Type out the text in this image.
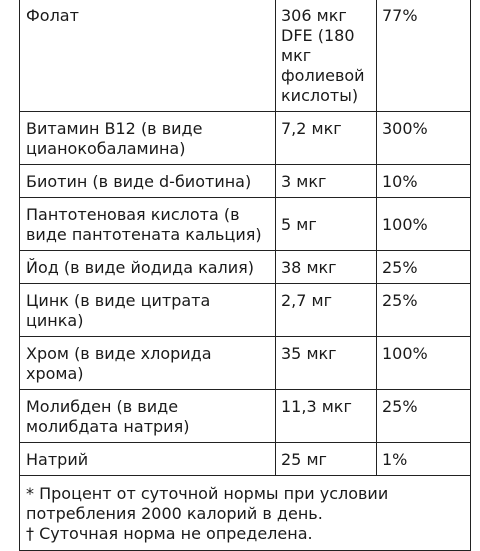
Фолат	306 мкг DFE (180 мкг фолиевой кислоты)	77%
Витамин B12 (в виде цианокобаламина)	7,2 мкг	300%
Биотин (в виде d-биотина)	3 мкг	10%
Пантотеновая кислота (в виде пантотената кальция)	5 мг	100%
Йод (в виде йодида калия)	38 мкг	25%
Цинк (в виде цитрата цинка)	2,7 мг	25%
Хром (в виде хлорида хрома)	35 мкг	100%
Молибден (в виде молибдата натрия)	11,3 мкг	25%
Натрий	25 мг	1%

* Процент от суточной нормы при условии
потребления 2000 калорий в день.
† Суточная норма не определена.		
